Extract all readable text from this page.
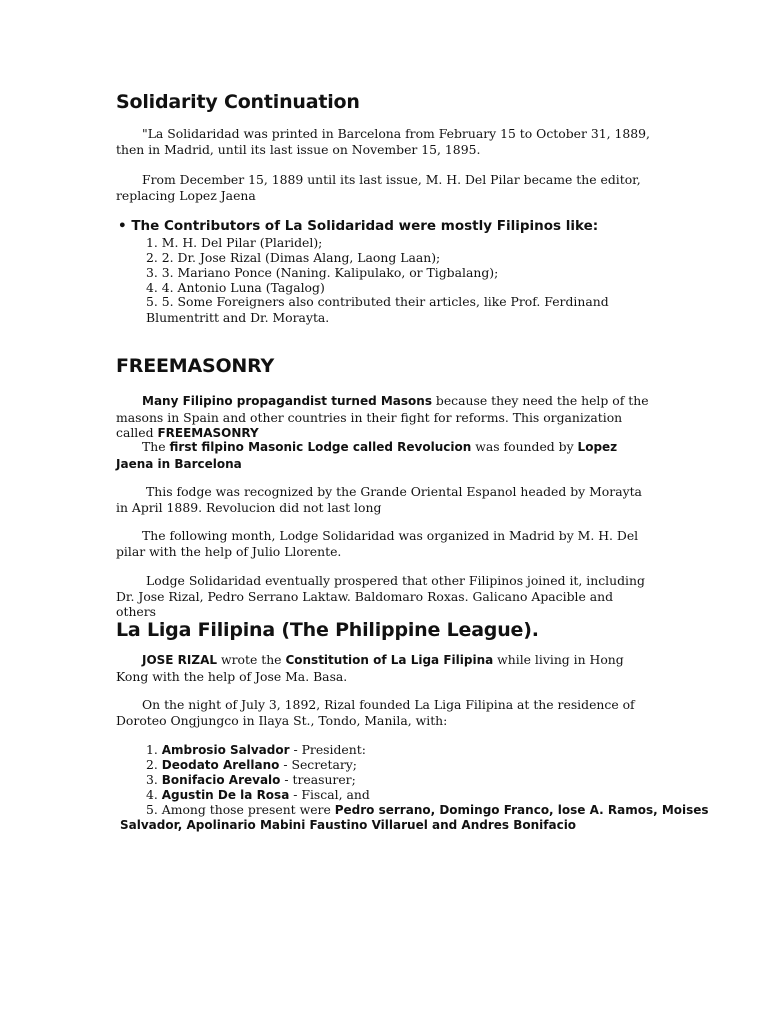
Solidarity Continuation
"La Solidaridad was printed in Barcelona from February 15 to October 31, 1889, then in Madrid, until its last issue on November 15, 1895.
From December 15, 1889 until its last issue, M. H. Del Pilar became the editor, replacing Lopez Jaena
• The Contributors of La Solidaridad were mostly Filipinos like:
1. M. H. Del Pilar (Plaridel);
2. 2. Dr. Jose Rizal (Dimas Alang, Laong Laan);
3. 3. Mariano Ponce (Naning. Kalipulako, or Tigbalang);
4. 4. Antonio Luna (Tagalog)
5. 5. Some Foreigners also contributed their articles, like Prof. Ferdinand Blumentritt and Dr. Morayta.
FREEMASONRY
Many Filipino propagandist turned Masons because they need the help of the masons in Spain and other countries in their fight for reforms. This organization called FREEMASONRY
The first filpino Masonic Lodge called Revolucion was founded by Lopez Jaena in Barcelona
This fodge was recognized by the Grande Oriental Espanol headed by Morayta in April 1889. Revolucion did not last long
The following month, Lodge Solidaridad was organized in Madrid by M. H. Del pilar with the help of Julio Llorente.
Lodge Solidaridad eventually prospered that other Filipinos joined it, including Dr. Jose Rizal, Pedro Serrano Laktaw. Baldomaro Roxas. Galicano Apacible and others
La Liga Filipina (The Philippine League).
JOSE RIZAL wrote the Constitution of La Liga Filipina while living in Hong Kong with the help of Jose Ma. Basa.
On the night of July 3, 1892, Rizal founded La Liga Filipina at the residence of Doroteo Ongjungco in Ilaya St., Tondo, Manila, with:
1. Ambrosio Salvador - President:
2. Deodato Arellano - Secretary;
3. Bonifacio Arevalo - treasurer;
4. Agustin De la Rosa - Fiscal, and
5. Among those present were Pedro serrano, Domingo Franco, lose A. Ramos, Moises
Salvador, Apolinario Mabini Faustino Villaruel and Andres Bonifacio
